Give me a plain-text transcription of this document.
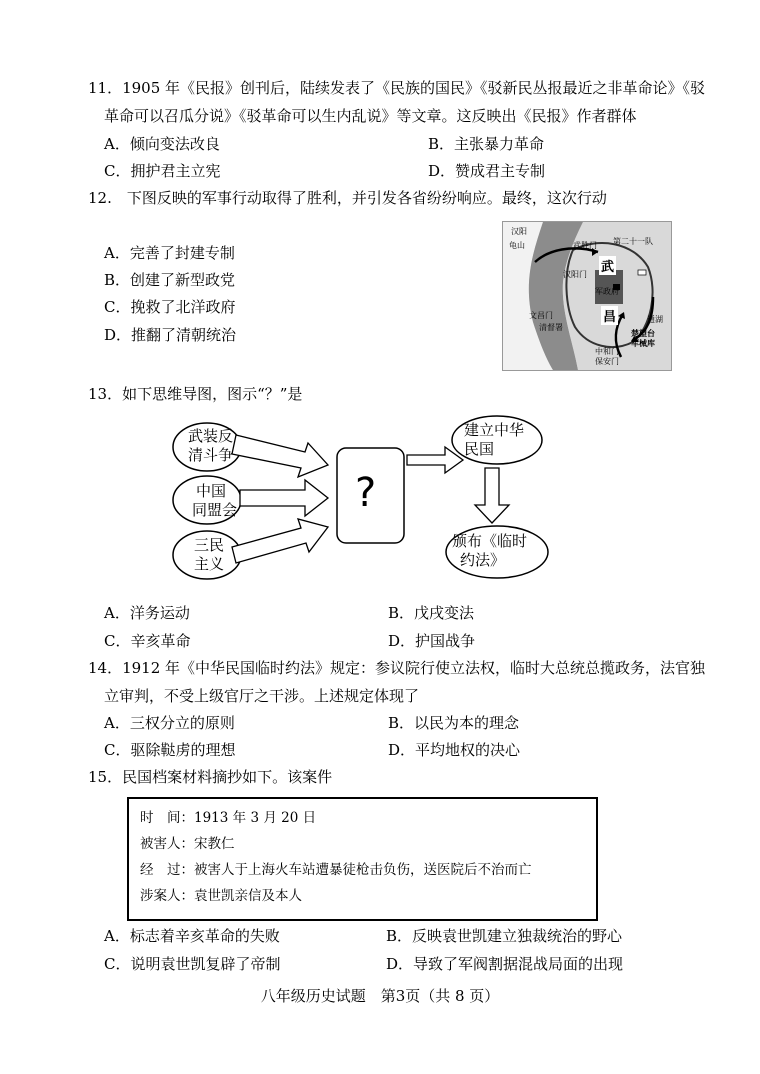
11．1905 年《民报》创刊后，陆续发表了《民族的国民》《驳新民丛报最近之非革命论》《驳
革命可以召瓜分说》《驳革命可以生内乱说》等文章。这反映出《民报》作者群体
A．倾向变法改良	B．主张暴力革命
C．拥护君主立宪	D．赞成君主专制
12.　下图反映的军事行动取得了胜利，并引发各省纷纷响应。最终，这次行动
A．完善了封建专制
B．创建了新型政党
C．挽救了北洋政府
D．推翻了清朝统治
汉阳
龟山	武胜门 第二十一队
汉阳门 武
昌
军政府
文昌门
清督署
通湖
楚望台
军械库
中和门
保安门
13．如下思维导图，图示“？”是
武装反
清斗争
中国
同盟会
三民
主义
?
建立中华
民国
颁布《临时
约法》
A．洋务运动	B．戊戌变法
C．辛亥革命	D．护国战争
14．1912 年《中华民国临时约法》规定：参议院行使立法权，临时大总统总揽政务，法官独
立审判，不受上级官厅之干涉。上述规定体现了
A．三权分立的原则	B．以民为本的理念
C．驱除鞑虏的理想	D．平均地权的决心
15．民国档案材料摘抄如下。该案件
时　间：1913 年 3 月 20 日
被害人：宋教仁
经　过：被害人于上海火车站遭暴徒枪击负伤，送医院后不治而亡
涉案人：袁世凯亲信及本人
A．标志着辛亥革命的失败	B．反映袁世凯建立独裁统治的野心
C．说明袁世凯复辟了帝制	D．导致了军阀割据混战局面的出现
八年级历史试题　第3页（共 8 页）
